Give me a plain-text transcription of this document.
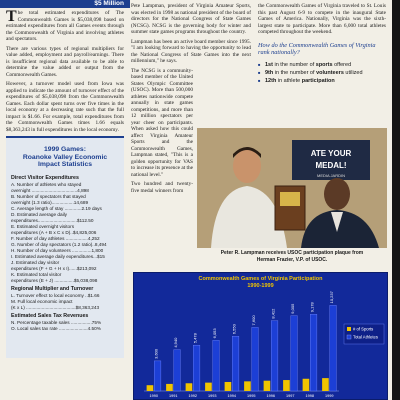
$5 Million

The total estimated expenditures of The Commonwealth Games is $5,038,098 based on estimated expenditures from all Games events through the Commonwealth of Virginia and involving athletes and spectators.

There are various types of regional multipliers for value added, employment and payroll/earnings. There is insufficient regional data available to be able to determine the value added or output from the Commonwealth Games.

However, a turnover model used from Iowa was applied to indicate the amount of turnover effect of the expenditures of $5,038,098 from the Commonwealth Games. Each dollar spent turns over five times in the local economy at a decreasing rate such that the full impact is $1.66. For example, total expenditures from the Commonwealth Games times 1.66 equals $8,363,243 in full expenditures in the local economy.

1999 Games:
Roanoke Valley Economic
Impact Statistics
Direct Visitor Expenditures
A. Number of athletes who stayed
overnight ...................................4,898
B. Number of spectators that stayed
overnight (1.3 ratio).................14,689
C. Average length of stay .............2.19 days
D. Estimated average daily
expenditures..............................$112.50
E. Estimated overnight visitors
expenditures (A + B x C x D)..$4,825,006
F. Number of day athletes .................4,252
G. Number of day spectators (1.2 ratio)..8,494
H. Number of day volunteers ...............1,800
I. Estimated average daily expenditures...$15
J. Estimated day visitor
expenditures (F + G + H x I)......$213,092
K. Estimated total visitor
expenditures (E + J) ...............$5,038,098
Regional Multiplier and Turnover
L. Turnover effect to local economy ..$1.66
M. Full local economic impact
(K x L) ......................................$8,363,243
Estimated Sales Tax Revenues
N. Percentage taxable sales ................75%
O. Local sales tax rate ......................4.50%

Pete Lampman, president of Virginia Amateur Sports, was elected in 1998 as national president of the board of directors for the National Congress of State Games (NCSG). NCSG is the governing body for winter and summer state games programs throughout the country.

Lampman has been an active board member since 1995. "I am looking forward to having the opportunity to lead the National Congress of State Games into the next millennium," he says.

The NCSG is a community-based member of the United States Olympic Committee (USOC). More than 500,000 athletes nationwide compete annually in state games competitions, and more than 12 million spectators per year cheer on participants. When asked how this could affect Virginia Amateur Sports and the Commonwealth Games, Lampman stated, "This is a golden opportunity for VAS to increase its presence at the national level."

Two hundred and twenty-five medal winners from

the Commonwealth Games of Virginia traveled to St. Louis this past August 6-9 to compete in the inaugural State Games of America. Nationally, Virginia was the sixth-largest state to participate. More than 6,000 total athletes competed throughout the weekend.

How do the Commonwealth Games of Virginia rank nationally?
■ 1st in the number of sports offered
■ 9th in the number of volunteers utilized
■ 12th in athlete participation
ATE YOUR
MEDAL!
MEDIA JARDIN
Peter R. Lampman receives USOC participation plaque from
Herman Frazier, V.P. of USOC.
3,600
1990
4,940
1991
5,478
1992
6,053
1993
6,550
1994
7,600
1995
8,412
1996
9,005
1997
9,178
1998
10,237
1999
# of Sports
Total Athletes
Commonwealth Games of Virginia Participation
1990-1999
